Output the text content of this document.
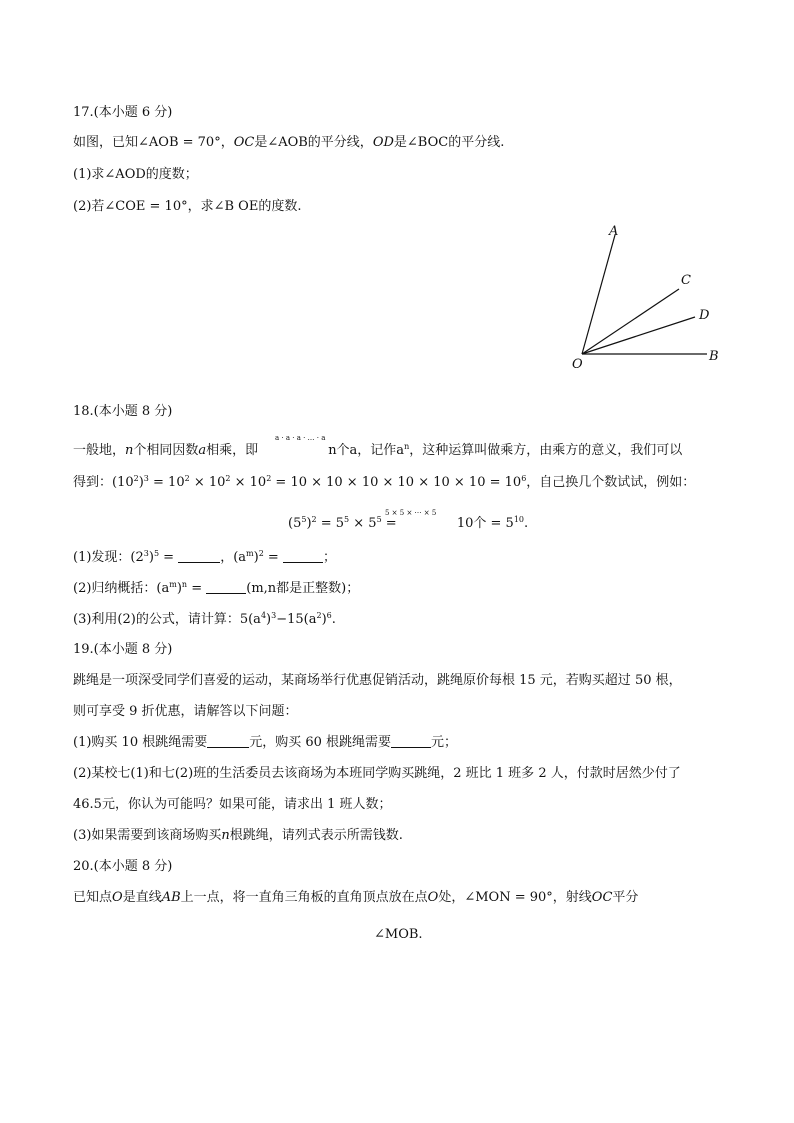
17.(本小题 6 分)
如图，已知∠AOB = 70°，OC是∠AOB的平分线，OD是∠BOC的平分线.
(1)求∠AOD的度数；
(2)若∠COE = 10°，求∠B OE的度数.
A
C
D
B
O
18.(本小题 8 分)
a · a · a · … · a
一般地，n个相同因数a相乘，即	n个a，记作$a^n$，这种运算叫做乘方，由乘方的意义，我们可以
得到：$(10^2)^3 = 10^2 \times 10^2 \times 10^2 = 10 \times 10 \times 10 \times 10 \times 10 \times 10 = 10^6$，自己换几个数试试，例如：
5 × 5 × ⋯ × 5
$(5^5)^2 = 5^5 \times 5^5$ =	10个 = $5^{10}$.
(1)发现：$(2^3)^5$ =	，$(a^m)^2$ =	；
(2)归纳概括：$(a^m)^n$ =	(m,n都是正整数)；
(3)利用(2)的公式，请计算：$5(a^4)^3-15(a^2)^6$.
19.(本小题 8 分)
跳绳是一项深受同学们喜爱的运动，某商场举行优惠促销活动，跳绳原价每根 15 元，若购买超过 50 根，
则可享受 9 折优惠，请解答以下问题：
(1)购买 10 根跳绳需要	元，购买 60 根跳绳需要	元；
(2)某校七(1)和七(2)班的生活委员去该商场为本班同学购买跳绳，2 班比 1 班多 2 人，付款时居然少付了
46.5元，你认为可能吗？如果可能，请求出 1 班人数；
(3)如果需要到该商场购买n根跳绳，请列式表示所需钱数.
20.(本小题 8 分)
已知点O是直线AB上一点，将一直角三角板的直角顶点放在点O处，∠MON = 90°，射线OC平分
∠MOB.
